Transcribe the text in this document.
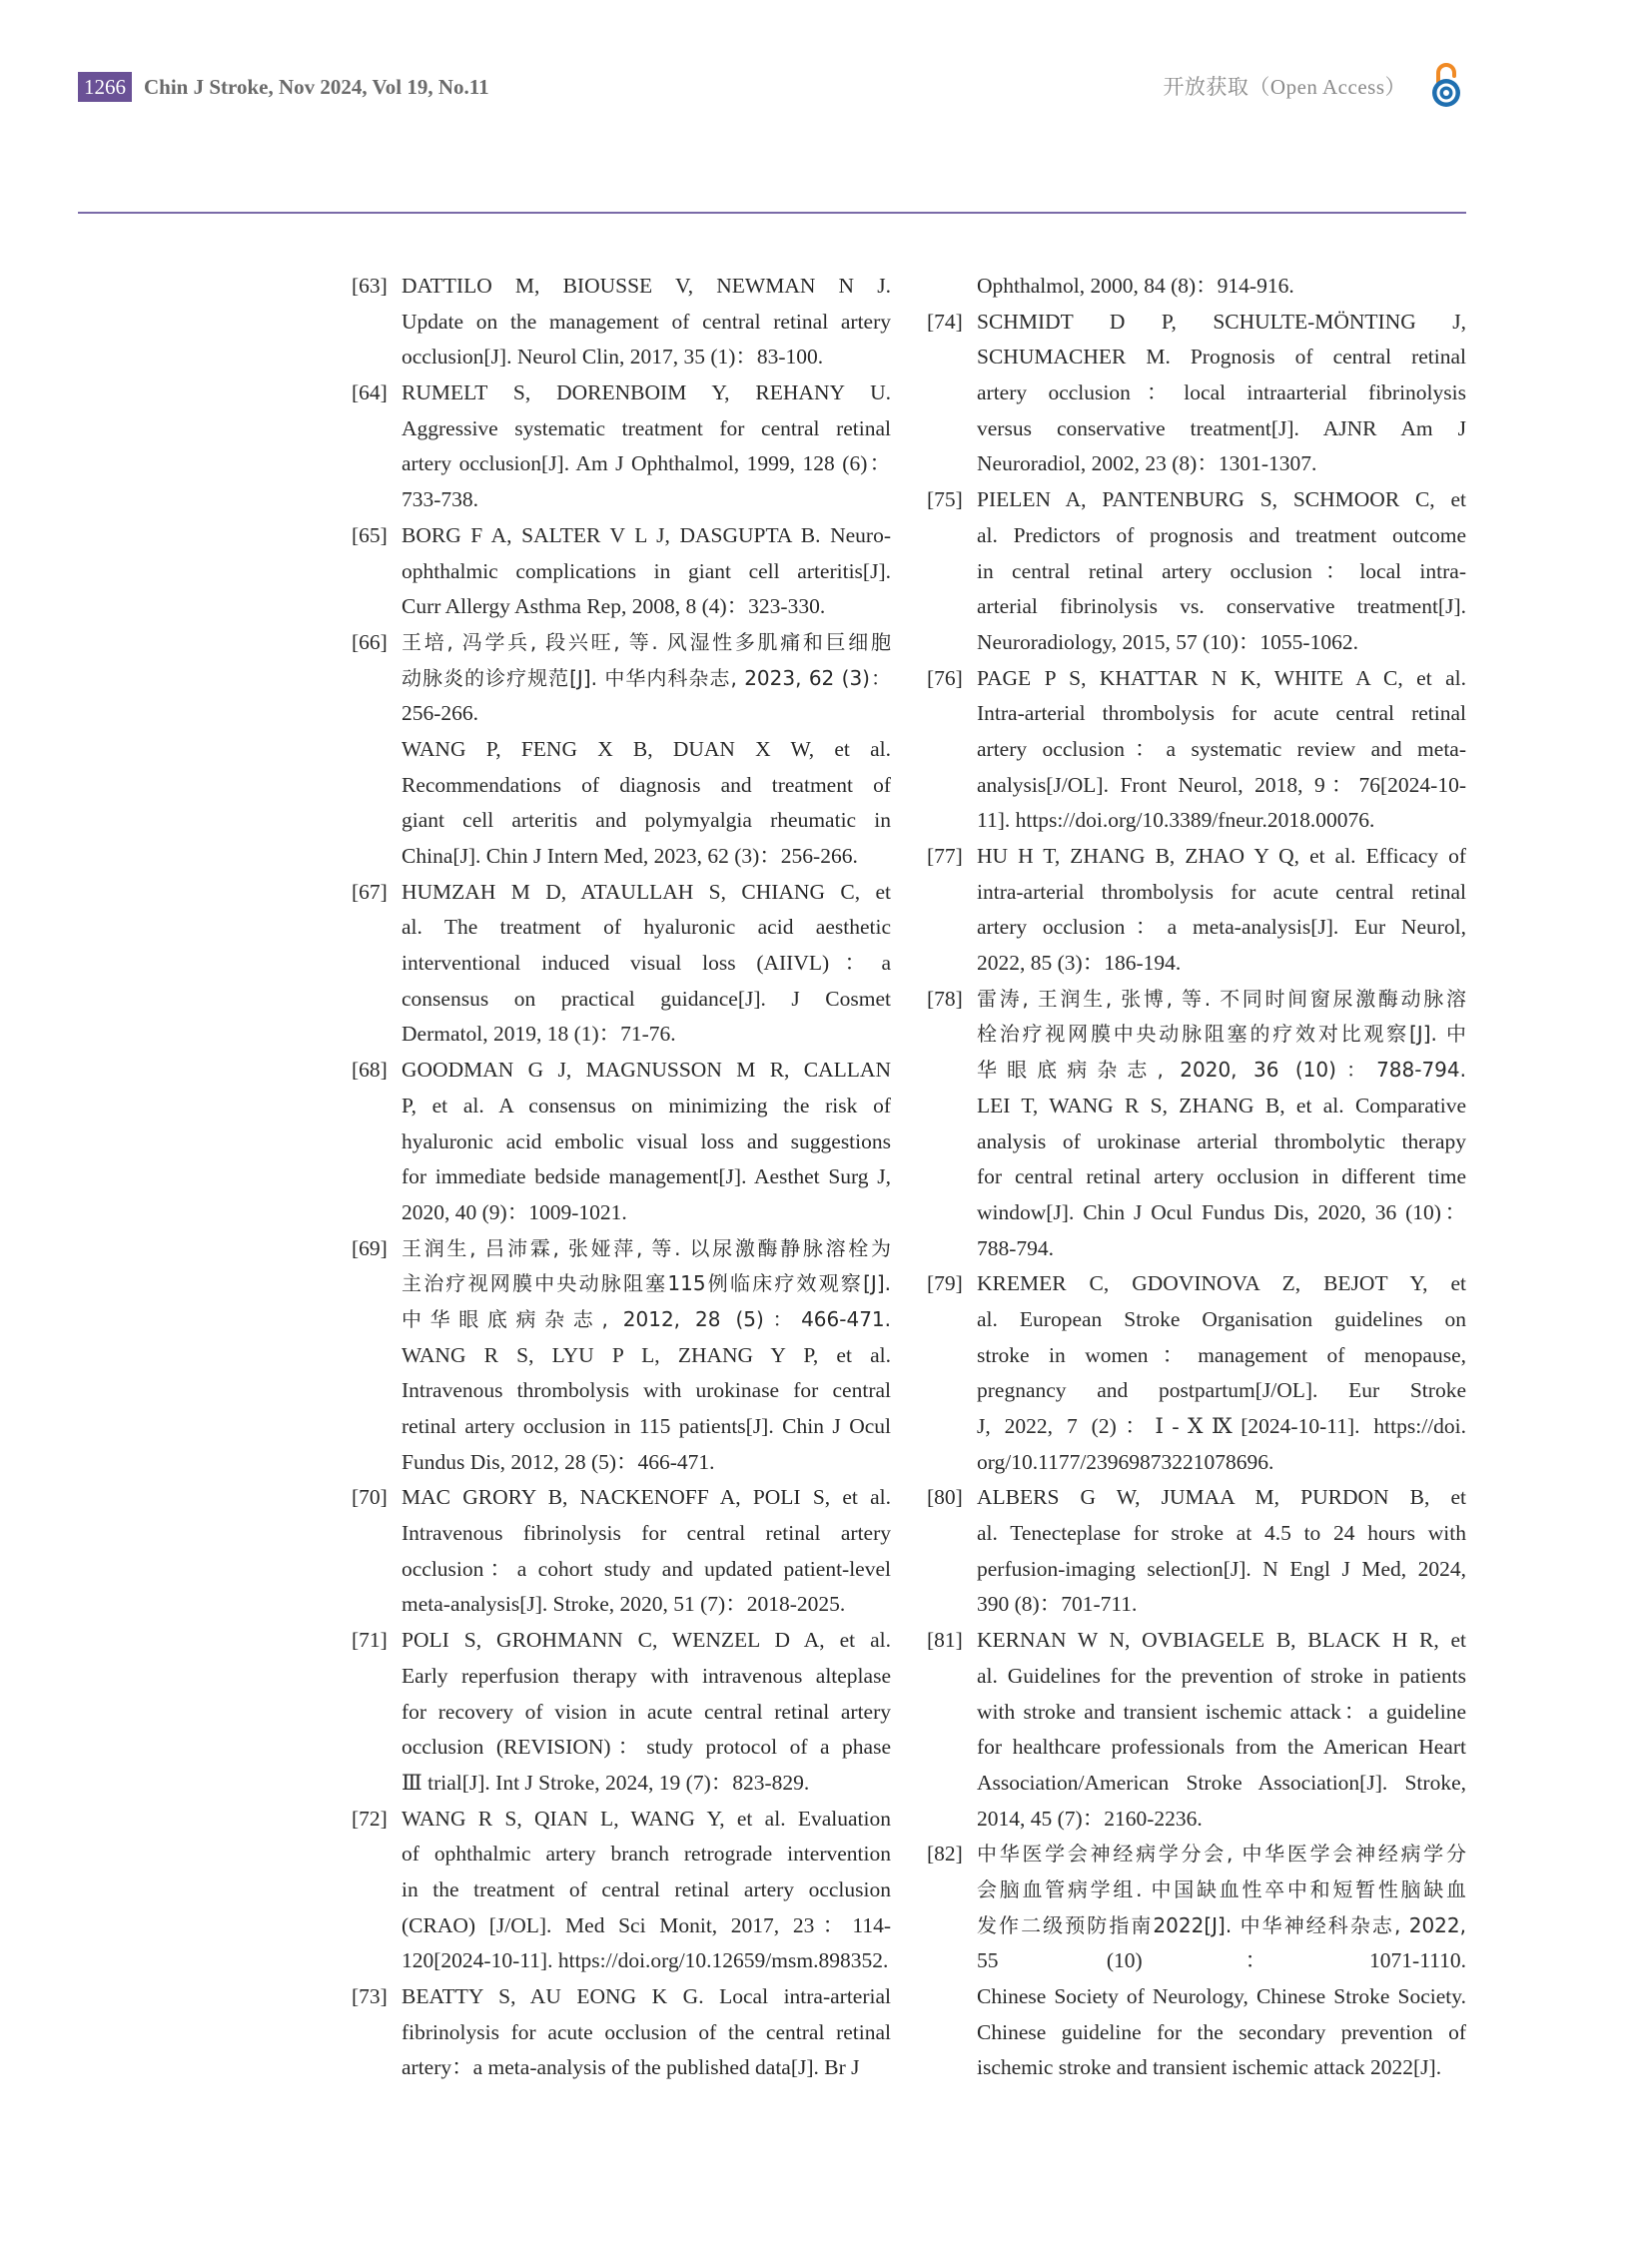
1266 Chin J Stroke, Nov 2024, Vol 19, No.11	开放获取（Open Access）
[63] DATTILO M, BIOUSSE V, NEWMAN N J.
Update on the management of central retinal artery
occlusion[J]. Neurol Clin, 2017, 35 (1)：83-100.
[64] RUMELT S, DORENBOIM Y, REHANY U.
Aggressive systematic treatment for central retinal
artery occlusion[J]. Am J Ophthalmol, 1999, 128 (6)：
733-738.
[65] BORG F A, SALTER V L J, DASGUPTA B. Neuro-
ophthalmic complications in giant cell arteritis[J].
Curr Allergy Asthma Rep, 2008, 8 (4)：323-330.
[66] 王培, 冯学兵, 段兴旺, 等. 风湿性多肌痛和巨细胞
动脉炎的诊疗规范[J]. 中华内科杂志, 2023, 62 (3)：
256-266.
WANG P, FENG X B, DUAN X W, et al.
Recommendations of diagnosis and treatment of
giant cell arteritis and polymyalgia rheumatic in
China[J]. Chin J Intern Med, 2023, 62 (3)：256-266.
[67] HUMZAH M D, ATAULLAH S, CHIANG C, et
al. The treatment of hyaluronic acid aesthetic
interventional induced visual loss (AIIVL)：a
consensus on practical guidance[J]. J Cosmet
Dermatol, 2019, 18 (1)：71-76.
[68] GOODMAN G J, MAGNUSSON M R, CALLAN
P, et al. A consensus on minimizing the risk of
hyaluronic acid embolic visual loss and suggestions
for immediate bedside management[J]. Aesthet Surg J,
2020, 40 (9)：1009-1021.
[69] 王润生, 吕沛霖, 张娅萍, 等. 以尿激酶静脉溶栓为
主治疗视网膜中央动脉阻塞115例临床疗效观察[J].
中华眼底病杂志, 2012, 28 (5)：466-471.
WANG R S, LYU P L, ZHANG Y P, et al.
Intravenous thrombolysis with urokinase for central
retinal artery occlusion in 115 patients[J]. Chin J Ocul
Fundus Dis, 2012, 28 (5)：466-471.
[70] MAC GRORY B, NACKENOFF A, POLI S, et al.
Intravenous fibrinolysis for central retinal artery
occlusion：a cohort study and updated patient-level
meta-analysis[J]. Stroke, 2020, 51 (7)：2018-2025.
[71] POLI S, GROHMANN C, WENZEL D A, et al.
Early reperfusion therapy with intravenous alteplase
for recovery of vision in acute central retinal artery
occlusion (REVISION)：study protocol of a phase
Ⅲ trial[J]. Int J Stroke, 2024, 19 (7)：823-829.
[72] WANG R S, QIAN L, WANG Y, et al. Evaluation
of ophthalmic artery branch retrograde intervention
in the treatment of central retinal artery occlusion
(CRAO) [J/OL]. Med Sci Monit, 2017, 23：114-
120[2024-10-11]. https://doi.org/10.12659/msm.898352.
[73] BEATTY S, AU EONG K G. Local intra-arterial
fibrinolysis for acute occlusion of the central retinal
artery：a meta-analysis of the published data[J]. Br J
Ophthalmol, 2000, 84 (8)：914-916.
[74] SCHMIDT D P, SCHULTE-MÖNTING J,
SCHUMACHER M. Prognosis of central retinal
artery occlusion：local intraarterial fibrinolysis
versus conservative treatment[J]. AJNR Am J
Neuroradiol, 2002, 23 (8)：1301-1307.
[75] PIELEN A, PANTENBURG S, SCHMOOR C, et
al. Predictors of prognosis and treatment outcome
in central retinal artery occlusion：local intra-
arterial fibrinolysis vs. conservative treatment[J].
Neuroradiology, 2015, 57 (10)：1055-1062.
[76] PAGE P S, KHATTAR N K, WHITE A C, et al.
Intra-arterial thrombolysis for acute central retinal
artery occlusion：a systematic review and meta-
analysis[J/OL]. Front Neurol, 2018, 9：76[2024-10-
11]. https://doi.org/10.3389/fneur.2018.00076.
[77] HU H T, ZHANG B, ZHAO Y Q, et al. Efficacy of
intra-arterial thrombolysis for acute central retinal
artery occlusion：a meta-analysis[J]. Eur Neurol,
2022, 85 (3)：186-194.
[78] 雷涛, 王润生, 张博, 等. 不同时间窗尿激酶动脉溶
栓治疗视网膜中央动脉阻塞的疗效对比观察[J]. 中
华眼底病杂志, 2020, 36 (10)：788-794.
LEI T, WANG R S, ZHANG B, et al. Comparative
analysis of urokinase arterial thrombolytic therapy
for central retinal artery occlusion in different time
window[J]. Chin J Ocul Fundus Dis, 2020, 36 (10)：
788-794.
[79] KREMER C, GDOVINOVA Z, BEJOT Y, et
al. European Stroke Organisation guidelines on
stroke in women：management of menopause,
pregnancy and postpartum[J/OL]. Eur Stroke
J, 2022, 7 (2)：Ⅰ-ⅩⅨ[2024-10-11]. https://doi.
org/10.1177/23969873221078696.
[80] ALBERS G W, JUMAA M, PURDON B, et
al. Tenecteplase for stroke at 4.5 to 24 hours with
perfusion-imaging selection[J]. N Engl J Med, 2024,
390 (8)：701-711.
[81] KERNAN W N, OVBIAGELE B, BLACK H R, et
al. Guidelines for the prevention of stroke in patients
with stroke and transient ischemic attack：a guideline
for healthcare professionals from the American Heart
Association/American Stroke Association[J]. Stroke,
2014, 45 (7)：2160-2236.
[82] 中华医学会神经病学分会, 中华医学会神经病学分
会脑血管病学组. 中国缺血性卒中和短暂性脑缺血
发作二级预防指南2022[J]. 中华神经科杂志, 2022,
55 (10)：1071-1110.
Chinese Society of Neurology, Chinese Stroke Society.
Chinese guideline for the secondary prevention of
ischemic stroke and transient ischemic attack 2022[J].
